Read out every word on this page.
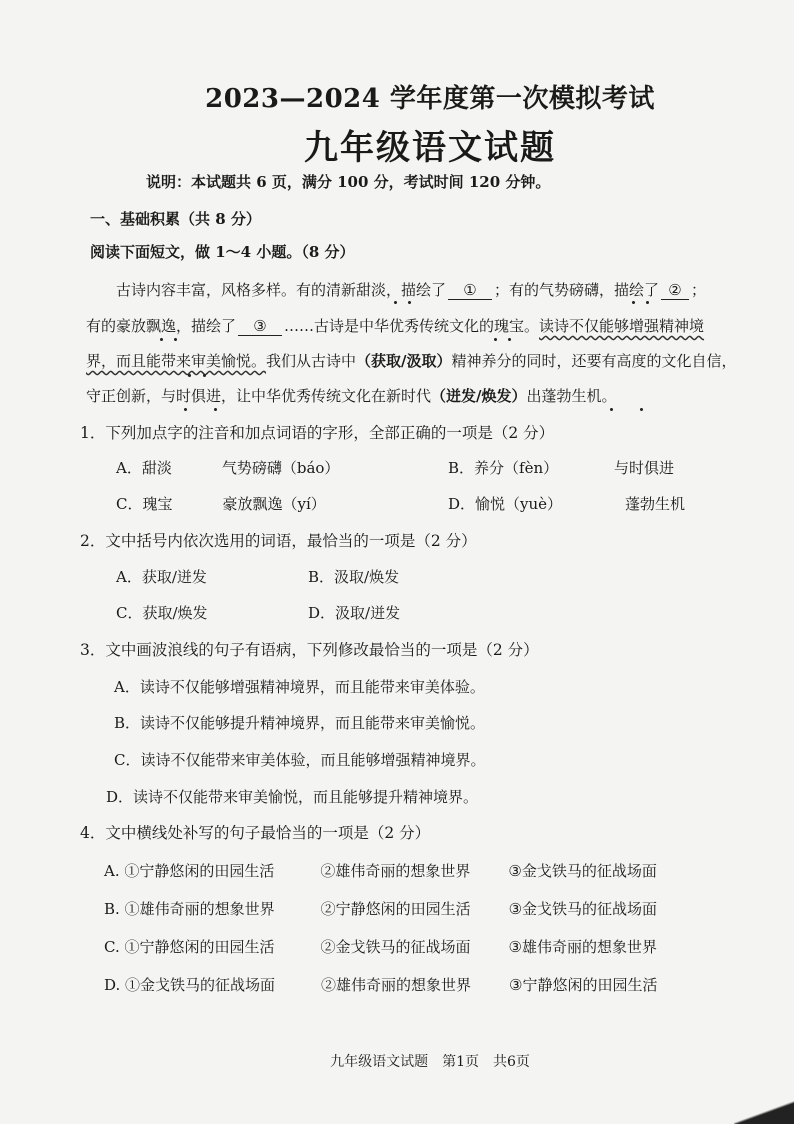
2023—2024 学年度第一次模拟考试
九年级语文试题
说明：本试题共 6 页，满分 100 分，考试时间 120 分钟。
一、基础积累（共 8 分）
阅读下面短文，做 1～4 小题。（8 分）
古诗内容丰富，风格多样。有的清新甜淡，描绘了 ① ；有的气势磅礴，描绘了 ② ；
有的豪放飘逸，描绘了 ③ ……古诗是中华优秀传统文化的瑰宝。读诗不仅能够增强精神境
界，而且能带来审美愉悦。我们从古诗中（获取/汲取）精神养分的同时，还要有高度的文化自信，
守正创新，与时俱进，让中华优秀传统文化在新时代（迸发/焕发）出蓬勃生机。
1．下列加点字的注音和加点词语的字形，全部正确的一项是（2 分）
A．甜淡	气势磅礴（báo）	B．养分（fèn）	与时俱进
C．瑰宝	豪放飘逸（yí）	D．愉悦（yuè）	蓬勃生机
2．文中括号内依次选用的词语，最恰当的一项是（2 分）
A．获取/迸发	B．汲取/焕发
C．获取/焕发	D．汲取/迸发
3．文中画波浪线的句子有语病，下列修改最恰当的一项是（2 分）
A．读诗不仅能够增强精神境界，而且能带来审美体验。
B．读诗不仅能够提升精神境界，而且能带来审美愉悦。
C．读诗不仅能带来审美体验，而且能够增强精神境界。
D．读诗不仅能带来审美愉悦，而且能够提升精神境界。
4．文中横线处补写的句子最恰当的一项是（2 分）
A. ①宁静悠闲的田园生活	②雄伟奇丽的想象世界	③金戈铁马的征战场面
B. ①雄伟奇丽的想象世界	②宁静悠闲的田园生活	③金戈铁马的征战场面
C. ①宁静悠闲的田园生活	②金戈铁马的征战场面	③雄伟奇丽的想象世界
D. ①金戈铁马的征战场面	②雄伟奇丽的想象世界	③宁静悠闲的田园生活
九年级语文试题　第1页　共6页
